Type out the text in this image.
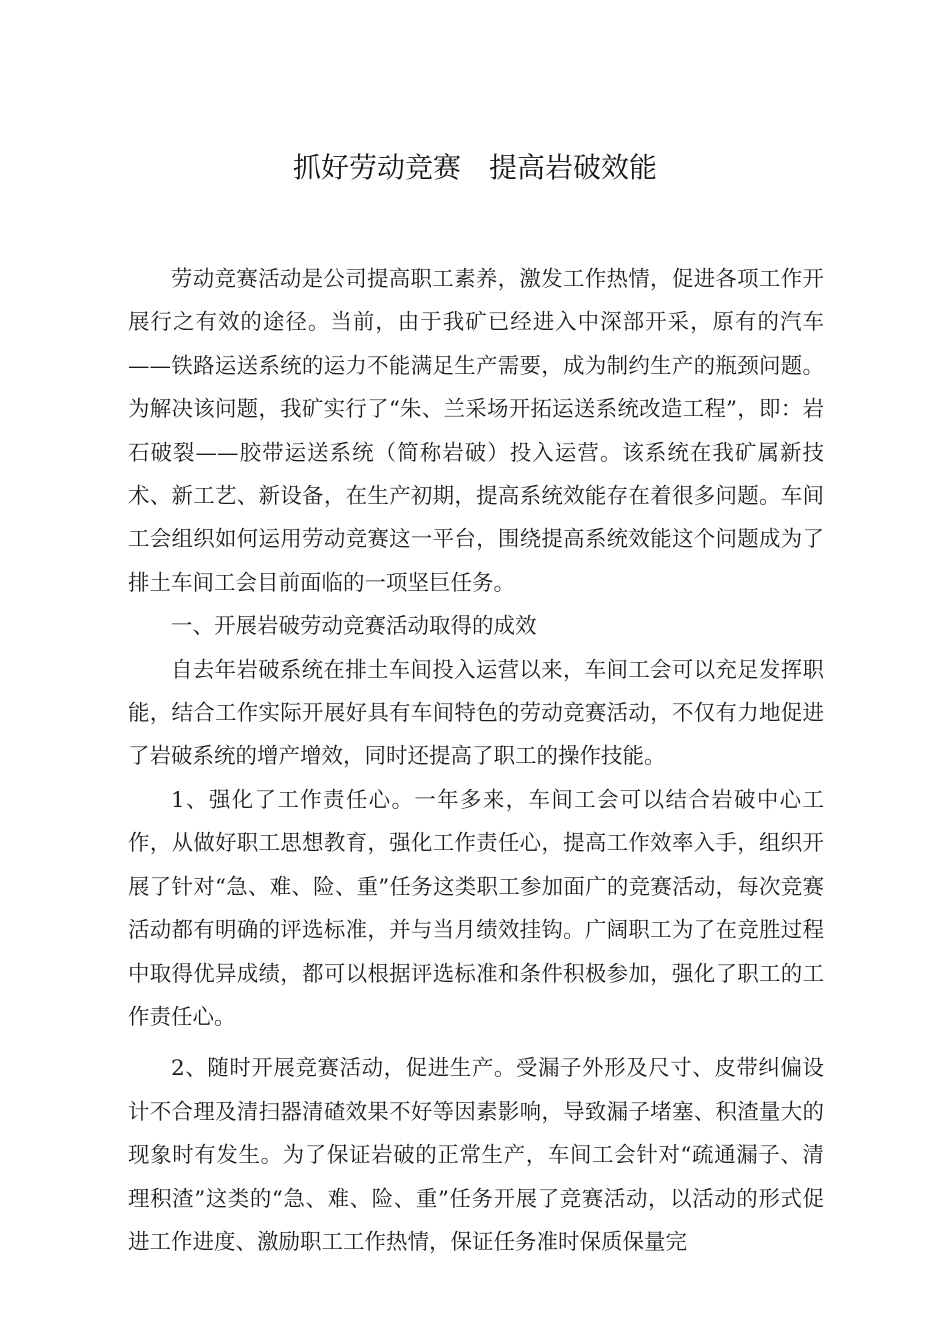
抓好劳动竞赛　提高岩破效能

劳动竞赛活动是公司提高职工素养，激发工作热情，促进各项工作开展行之有效的途径。当前，由于我矿已经进入中深部开采，原有的汽车——铁路运送系统的运力不能满足生产需要，成为制约生产的瓶颈问题。为解决该问题，我矿实行了“朱、兰采场开拓运送系统改造工程”，即：岩石破裂——胶带运送系统（简称岩破）投入运营。该系统在我矿属新技术、新工艺、新设备，在生产初期，提高系统效能存在着很多问题。车间工会组织如何运用劳动竞赛这一平台，围绕提高系统效能这个问题成为了排土车间工会目前面临的一项坚巨任务。

一、开展岩破劳动竞赛活动取得的成效

自去年岩破系统在排土车间投入运营以来，车间工会可以充足发挥职能，结合工作实际开展好具有车间特色的劳动竞赛活动，不仅有力地促进了岩破系统的增产增效，同时还提高了职工的操作技能。

1、强化了工作责任心。一年多来，车间工会可以结合岩破中心工作，从做好职工思想教育，强化工作责任心，提高工作效率入手，组织开展了针对“急、难、险、重”任务这类职工参加面广的竞赛活动，每次竞赛活动都有明确的评选标准，并与当月绩效挂钩。广阔职工为了在竞胜过程中取得优异成绩，都可以根据评选标准和条件积极参加，强化了职工的工作责任心。

2、随时开展竞赛活动，促进生产。受漏子外形及尺寸、皮带纠偏设计不合理及清扫器清碴效果不好等因素影响，导致漏子堵塞、积渣量大的现象时有发生。为了保证岩破的正常生产，车间工会针对“疏通漏子、清理积渣”这类的“急、难、险、重”任务开展了竞赛活动，以活动的形式促进工作进度、激励职工工作热情，保证任务准时保质保量完
